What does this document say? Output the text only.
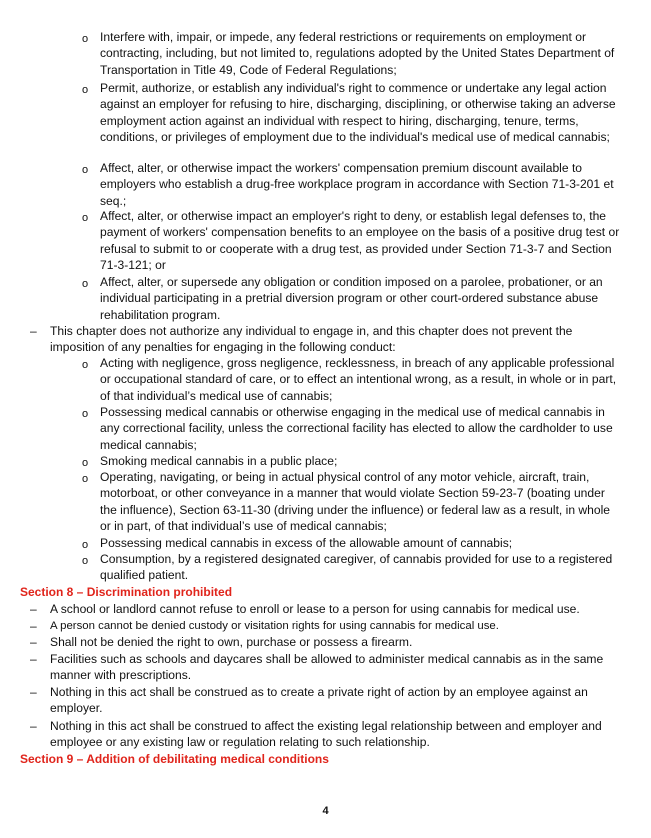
o Interfere with, impair, or impede, any federal restrictions or requirements on employment or contracting, including, but not limited to, regulations adopted by the United States Department of Transportation in Title 49, Code of Federal Regulations;

o Permit, authorize, or establish any individual's right to commence or undertake any legal action against an employer for refusing to hire, discharging, disciplining, or otherwise taking an adverse employment action against an individual with respect to hiring, discharging, tenure, terms, conditions, or privileges of employment due to the individual's medical use of medical cannabis;

o Affect, alter, or otherwise impact the workers' compensation premium discount available to employers who establish a drug-free workplace program in accordance with Section 71-3-201 et seq.;

o Affect, alter, or otherwise impact an employer's right to deny, or establish legal defenses to, the payment of workers' compensation benefits to an employee on the basis of a positive drug test or refusal to submit to or cooperate with a drug test, as provided under Section 71-3-7 and Section 71-3-121; or

o Affect, alter, or supersede any obligation or condition imposed on a parolee, probationer, or an individual participating in a pretrial diversion program or other court-ordered substance abuse rehabilitation program.

–	This chapter does not authorize any individual to engage in, and this chapter does not prevent the imposition of any penalties for engaging in the following conduct:

o Acting with negligence, gross negligence, recklessness, in breach of any applicable professional or occupational standard of care, or to effect an intentional wrong, as a result, in whole or in part, of that individual’s medical use of cannabis;

o Possessing medical cannabis or otherwise engaging in the medical use of medical cannabis in any correctional facility, unless the correctional facility has elected to allow the cardholder to use medical cannabis;

o Smoking medical cannabis in a public place;

o Operating, navigating, or being in actual physical control of any motor vehicle, aircraft, train, motorboat, or other conveyance in a manner that would violate Section 59-23-7 (boating under the influence), Section 63-11-30 (driving under the influence) or federal law as a result, in whole or in part, of that individual’s use of medical cannabis;

o Possessing medical cannabis in excess of the allowable amount of cannabis;

o Consumption, by a registered designated caregiver, of cannabis provided for use to a registered qualified patient.

Section 8 – Discrimination prohibited

–	A school or landlord cannot refuse to enroll or lease to a person for using cannabis for medical use.

–	A person cannot be denied custody or visitation rights for using cannabis for medical use.

–	Shall not be denied the right to own, purchase or possess a firearm.

–	Facilities such as schools and daycares shall be allowed to administer medical cannabis as in the same manner with prescriptions.

–	Nothing in this act shall be construed as to create a private right of action by an employee against an employer.

–	Nothing in this act shall be construed to affect the existing legal relationship between and employer and employee or any existing law or regulation relating to such relationship.

Section 9 – Addition of debilitating medical conditions

4
